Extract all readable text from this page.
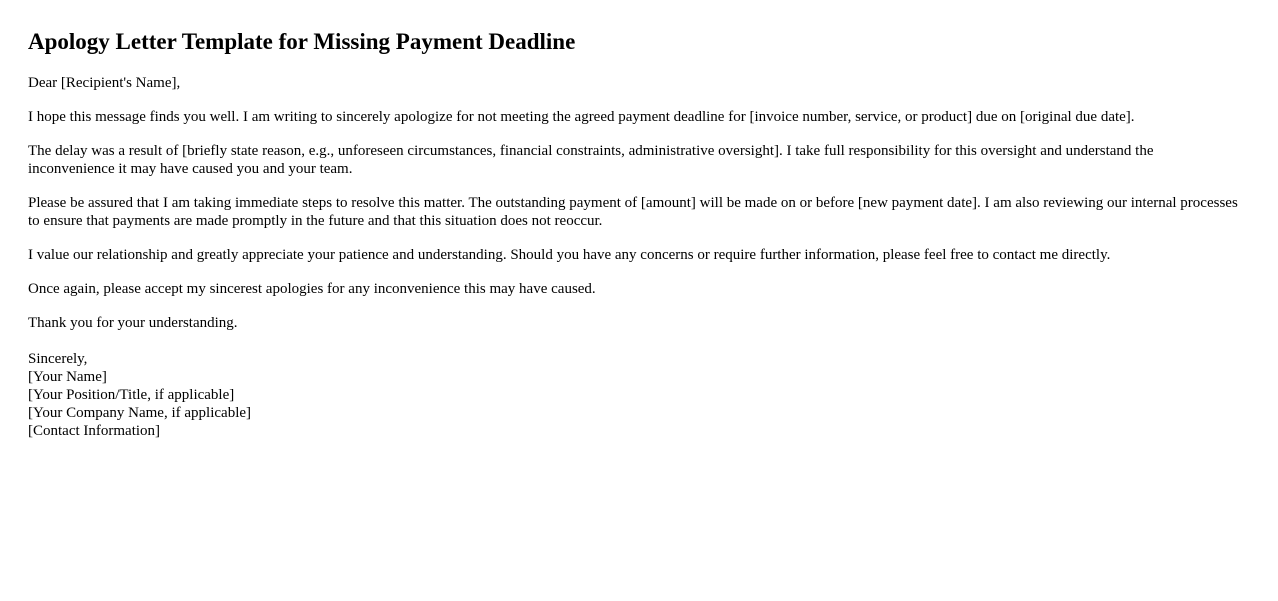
Apology Letter Template for Missing Payment Deadline

Dear [Recipient's Name],

I hope this message finds you well. I am writing to sincerely apologize for not meeting the agreed payment deadline for [invoice number, service, or product] due on [original due date].

The delay was a result of [briefly state reason, e.g., unforeseen circumstances, financial constraints, administrative oversight]. I take full responsibility for this oversight and understand the inconvenience it may have caused you and your team.

Please be assured that I am taking immediate steps to resolve this matter. The outstanding payment of [amount] will be made on or before [new payment date]. I am also reviewing our internal processes to ensure that payments are made promptly in the future and that this situation does not reoccur.

I value our relationship and greatly appreciate your patience and understanding. Should you have any concerns or require further information, please feel free to contact me directly.

Once again, please accept my sincerest apologies for any inconvenience this may have caused.

Thank you for your understanding.

Sincerely,
[Your Name]
[Your Position/Title, if applicable]
[Your Company Name, if applicable]
[Contact Information]
